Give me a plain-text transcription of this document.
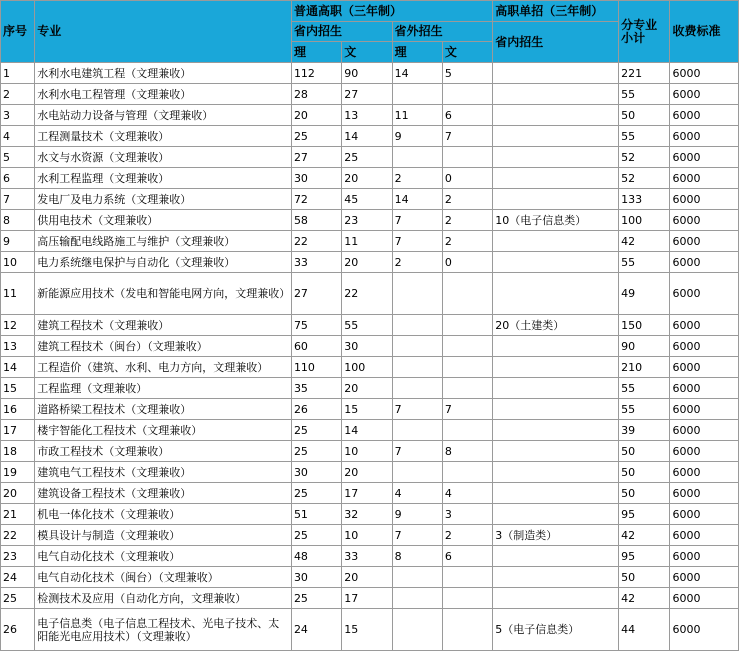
序号	专业	普通高职（三年制）				高职单招（三年制）	分专业
小计	收费标准
		省内招生		省外招生		省内招生		
		理	文	理	文			
1	水利水电建筑工程（文理兼收）	112	90	14	5		221	6000
2	水利水电工程管理（文理兼收）	28	27				55	6000
3	水电站动力设备与管理（文理兼收）	20	13	11	6		50	6000
4	工程测量技术（文理兼收）	25	14	9	7		55	6000
5	水文与水资源（文理兼收）	27	25				52	6000
6	水利工程监理（文理兼收）	30	20	2	0		52	6000
7	发电厂及电力系统（文理兼收）	72	45	14	2		133	6000
8	供用电技术（文理兼收）	58	23	7	2	10（电子信息类）	100	6000
9	高压输配电线路施工与维护（文理兼收）	22	11	7	2		42	6000
10	电力系统继电保护与自动化（文理兼收）	33	20	2	0		55	6000
11	新能源应用技术（发电和智能电网方向，文理兼收）	27	22				49	6000
12	建筑工程技术（文理兼收）	75	55			20（土建类）	150	6000
13	建筑工程技术（闽台）（文理兼收）	60	30				90	6000
14	工程造价（建筑、水利、电力方向，文理兼收）	110	100				210	6000
15	工程监理（文理兼收）	35	20				55	6000
16	道路桥梁工程技术（文理兼收）	26	15	7	7		55	6000
17	楼宇智能化工程技术（文理兼收）	25	14				39	6000
18	市政工程技术（文理兼收）	25	10	7	8		50	6000
19	建筑电气工程技术（文理兼收）	30	20				50	6000
20	建筑设备工程技术（文理兼收）	25	17	4	4		50	6000
21	机电一体化技术（文理兼收）	51	32	9	3		95	6000
22	模具设计与制造（文理兼收）	25	10	7	2	3（制造类）	42	6000
23	电气自动化技术（文理兼收）	48	33	8	6		95	6000
24	电气自动化技术（闽台）（文理兼收）	30	20				50	6000
25	检测技术及应用（自动化方向，文理兼收）	25	17				42	6000
26	电子信息类（电子信息工程技术、光电子技术、太阳能光电应用技术）（文理兼收）	24	15			5（电子信息类）	44	6000
